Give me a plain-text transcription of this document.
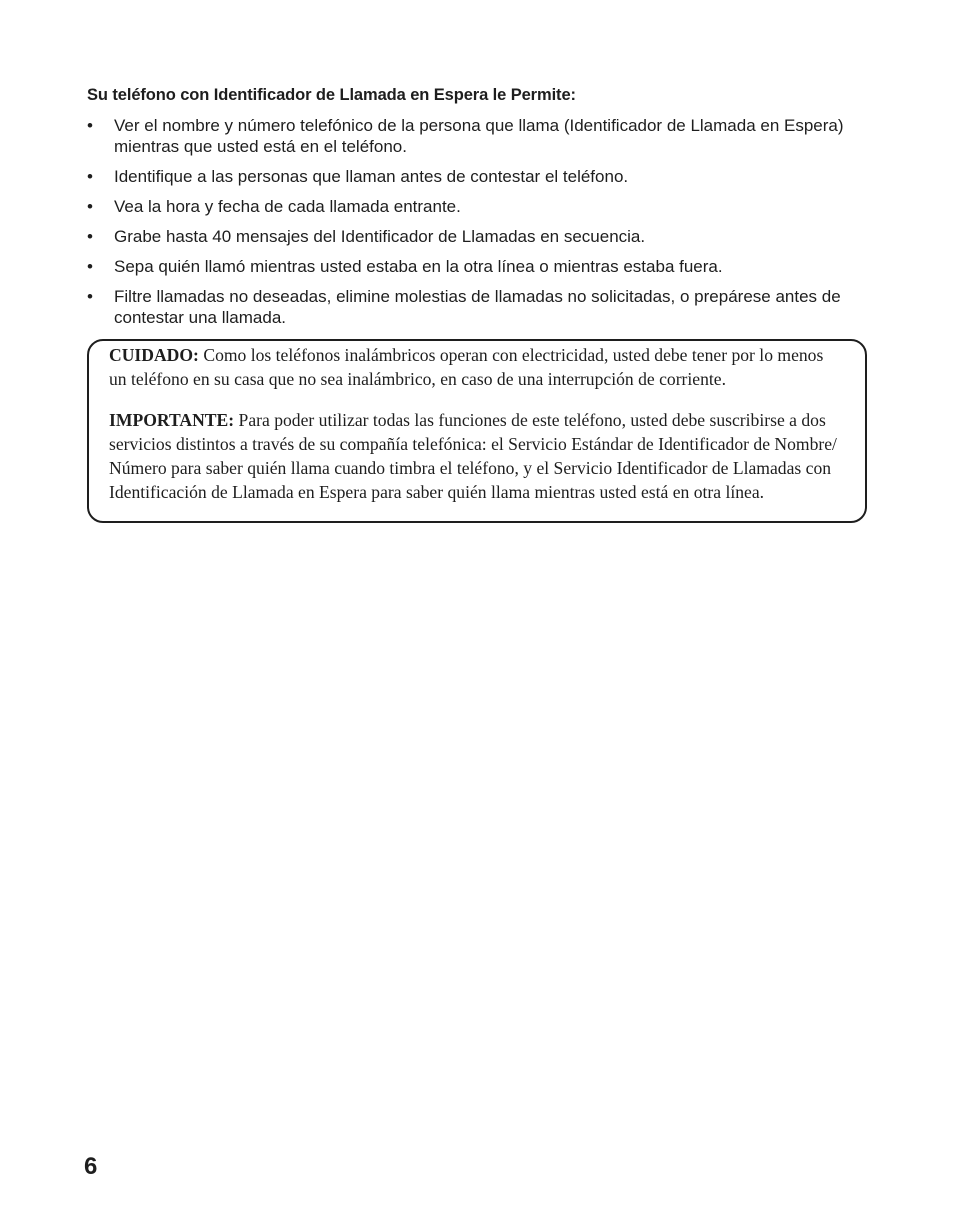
Su teléfono con Identificador de Llamada en Espera le Permite:
• Ver el nombre y número telefónico de la persona que llama (Identificador de Llamada en Espera) mientras que usted está en el teléfono.
• Identifique a las personas que llaman antes de contestar el teléfono.
• Vea la hora y fecha de cada llamada entrante.
• Grabe hasta 40 mensajes del Identificador de Llamadas en secuencia.
• Sepa quién llamó mientras usted estaba en la otra línea o mientras estaba fuera.
• Filtre llamadas no deseadas, elimine molestias de llamadas no solicitadas, o prepárese antes de contestar una llamada.

CUIDADO: Como los teléfonos inalámbricos operan con electricidad, usted debe tener por lo menos un teléfono en su casa que no sea inalámbrico, en caso de una interrupción de corriente.

IMPORTANTE: Para poder utilizar todas las funciones de este teléfono, usted debe suscribirse a dos servicios distintos a través de su compañía telefónica: el Servicio Estándar de Identificador de Nombre/ Número para saber quién llama cuando timbra el teléfono, y el Servicio Identificador de Llamadas con Identificación de Llamada en Espera para saber quién llama mientras usted está en otra línea.

6
